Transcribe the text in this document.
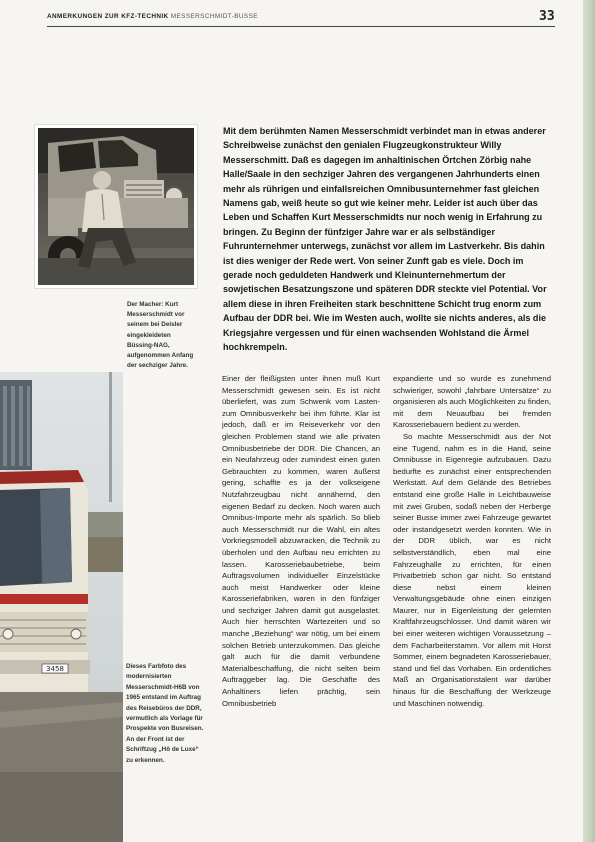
ANMERKUNGEN ZUR KFZ-TECHNIK MESSERSCHMIDT-BUSSE	33
Der Macher: Kurt Messerschmidt vor seinem bei Deisler eingekleideten Büssing-NAG, aufgenommen Anfang der sechziger Jahre.
Mit dem berühmten Namen Messerschmidt verbindet man in etwas anderer Schreibweise zunächst den genialen Flugzeugkonstrukteur Willy Messerschmitt. Daß es dagegen im anhaltinischen Örtchen Zörbig nahe Halle/Saale in den sechziger Jahren des vergangenen Jahrhunderts einen mehr als rührigen und einfallsreichen Omnibusunternehmer fast gleichen Namens gab, weiß heute so gut wie keiner mehr. Leider ist auch über das Leben und Schaffen Kurt Messerschmidts nur noch wenig in Erfahrung zu bringen. Zu Beginn der fünfziger Jahre war er als selbständiger Fuhrunternehmer unterwegs, zunächst vor allem im Lastverkehr. Bis dahin ist dies weniger der Rede wert. Von seiner Zunft gab es viele. Doch im gerade noch geduldeten Handwerk und Kleinunternehmertum der sowjetischen Besatzungszone und späteren DDR steckte viel Potential. Vor allem diese in ihren Freiheiten stark beschnittene Schicht trug enorm zum Aufbau der DDR bei. Wie im Westen auch, wollte sie nichts anderes, als die Kriegsjahre vergessen und für einen wachsenden Wohlstand die Ärmel hochkrempeln.
Einer der fleißigsten unter ihnen muß Kurt Messerschmidt gewesen sein. Es ist nicht überliefert, was zum Schwenk vom Lasten- zum Omnibusverkehr bei ihm führte. Klar ist jedoch, daß er im Reiseverkehr vor den gleichen Problemen stand wie alle privaten Omnibusbetriebe der DDR. Die Chancen, an ein Neufahrzeug oder zumindest einen guten Gebrauchten zu kommen, waren äußerst gering, schaffte es ja der volkseigene Nutzfahrzeugbau nicht annähernd, den eigenen Bedarf zu decken. Noch waren auch Omnibus-Importe mehr als spärlich. So blieb auch Messerschmidt nur die Wahl, ein altes Vorkriegsmodell abzuwracken, die Technik zu überholen und den Aufbau neu errichten zu lassen. Karosseriebaubetriebe, beim Auftragsvolumen individueller Einzelstücke auch meist Handwerker oder kleine Karosseriefabriken, waren in den fünfziger und sechziger Jahren damit gut ausgelastet. Auch hier herrschten Wartezeiten und so manche „Beziehung“ war nötig, um bei einem solchen Betrieb unterzukommen. Das gleiche galt auch für die damit verbundene Materialbeschaffung, die nicht selten beim Auftraggeber lag. Die Geschäfte des Anhaltiners liefen prächtig, sein Omnibusbetrieb

expandierte und so wurde es zunehmend schwieriger, sowohl „fahrbare Untersätze“ zu organisieren als auch Möglichkeiten zu finden, mit dem Neuaufbau bei fremden Karosseriebauern bedient zu werden.

So machte Messerschmidt aus der Not eine Tugend, nahm es in die Hand, seine Omnibusse in Eigenregie aufzubauen. Dazu bedurfte es zunächst einer entsprechenden Werkstatt. Auf dem Gelände des Betriebes entstand eine große Halle in Leichtbauweise mit zwei Gruben, sodaß neben der Herberge seiner Busse immer zwei Fahrzeuge gewartet oder instandgesetzt werden konnten. Wie in der DDR üblich, war es nicht selbstverständlich, eben mal eine Fahrzeughalle zu errichten, für einen Privatbetrieb schon gar nicht. So entstand diese nebst einem kleinen Verwaltungsgebäude ohne einen einzigen Maurer, nur in Eigenleistung der gelernten Kraftfahrzeugschlosser. Und damit wären wir bei einer weiteren wichtigen Voraussetzung – dem Facharbeiterstamm. Vor allem mit Horst Sommer, einem begnadeten Karosseriebauer, stand und fiel das Vorhaben. Ein ordentliches Maß an Organisationstalent war darüber hinaus für die Beschaffung der Werkzeuge und Maschinen notwendig.

3458	Dieses Farbfoto des modernisierten Messerschmidt-H6B von 1965 entstand im Auftrag des Reisebüros der DDR, vermutlich als Vorlage für Prospekte von Busreisen. An der Front ist der Schriftzug „Hô de Luxe“ zu erkennen.
